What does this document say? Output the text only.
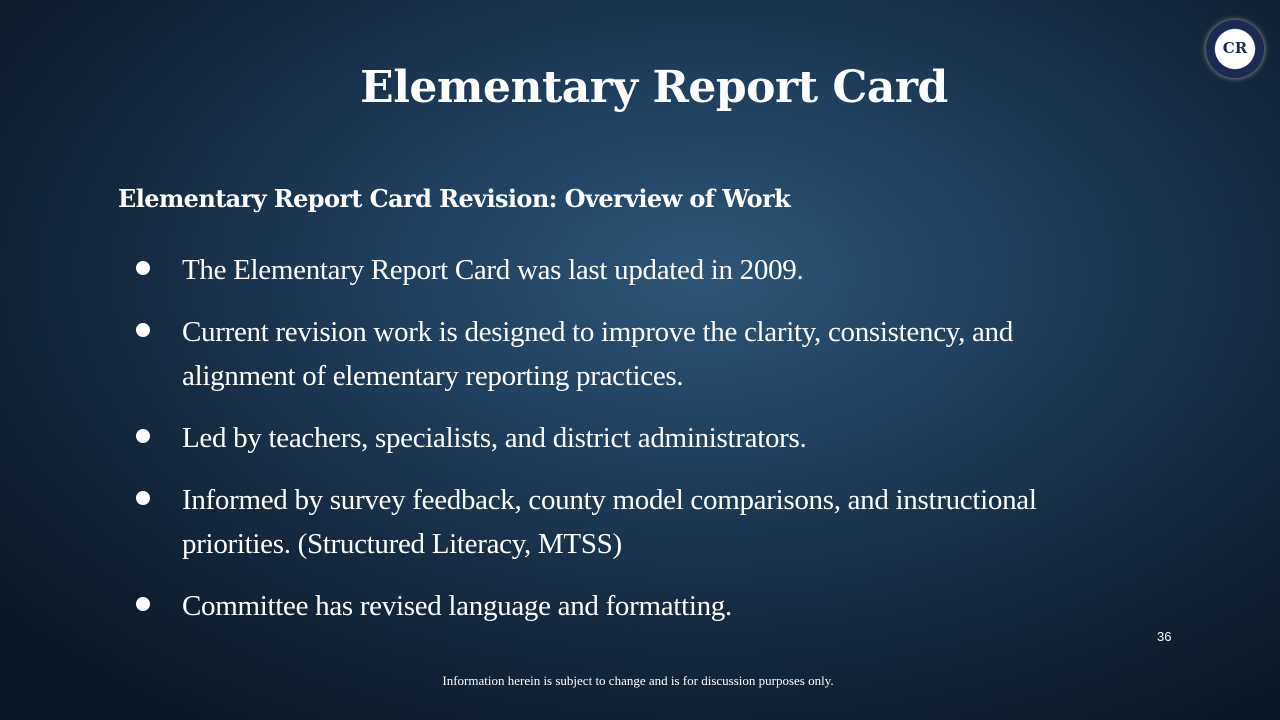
CR
Elementary Report Card
Elementary Report Card Revision: Overview of Work
The Elementary Report Card was last updated in 2009.
Current revision work is designed to improve the clarity, consistency, and alignment of elementary reporting practices.
Led by teachers, specialists, and district administrators.
Informed by survey feedback, county model comparisons, and instructional priorities. (Structured Literacy, MTSS)
Committee has revised language and formatting.
36
Information herein is subject to change and is for discussion purposes only.
